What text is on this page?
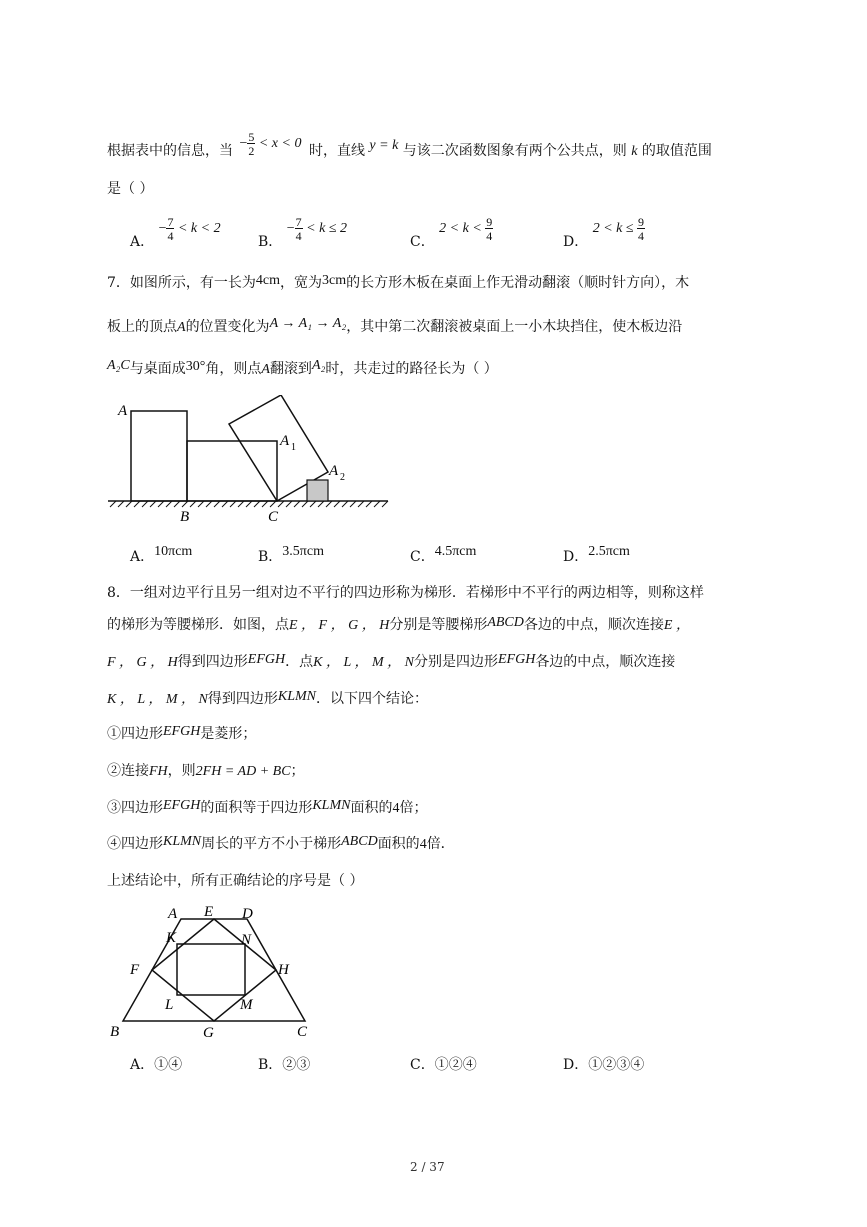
根据表中的信息，当 − $\frac{5}{2} < x < 0$ 时，直线 y = k 与该二次函数图象有两个公共点，则 k 的取值范围
是（ ）
A． − $\frac{7}{4} < k < 2$
B． − $\frac{7}{4} < k \le 2$
C． $2 < k < \frac{9}{4}$
D． $2 < k \le \frac{9}{4}$
7．如图所示，有一长为4cm，宽为3cm的长方形木板在桌面上作无滑动翻滚（顺时针方向），木
板上的顶点A的位置变化为A → A₁ → A₂，其中第二次翻滚被桌面上一小木块挡住，使木板边沿
A₂C与桌面成30°角，则点A翻滚到A₂时，共走过的路径长为（ ）
A
A 1
A 2
B	C
A．10πcm	B．3.5πcm	C．4.5πcm	D．2.5πcm
8．一组对边平行且另一组对边不平行的四边形称为梯形．若梯形中不平行的两边相等，则称这样
的梯形为等腰梯形．如图，点E ， F ， G ， H分别是等腰梯形ABCD各边的中点，顺次连接E ，
F ， G ， H得到四边形EFGH．点K ， L ， M ， N分别是四边形EFGH各边的中点，顺次连接
K ， L ， M ， N得到四边形KLMN．以下四个结论：
①四边形EFGH是菱形；
②连接FH，则2FH = AD + BC；
③四边形EFGH的面积等于四边形KLMN面积的4倍；
④四边形KLMN周长的平方不小于梯形ABCD面积的4倍．
上述结论中，所有正确结论的序号是（ ）
A E D
K	N
F	H
L	M
B	G	C
A．①④	B．②③	C．①②④	D．①②③④
2 / 37
